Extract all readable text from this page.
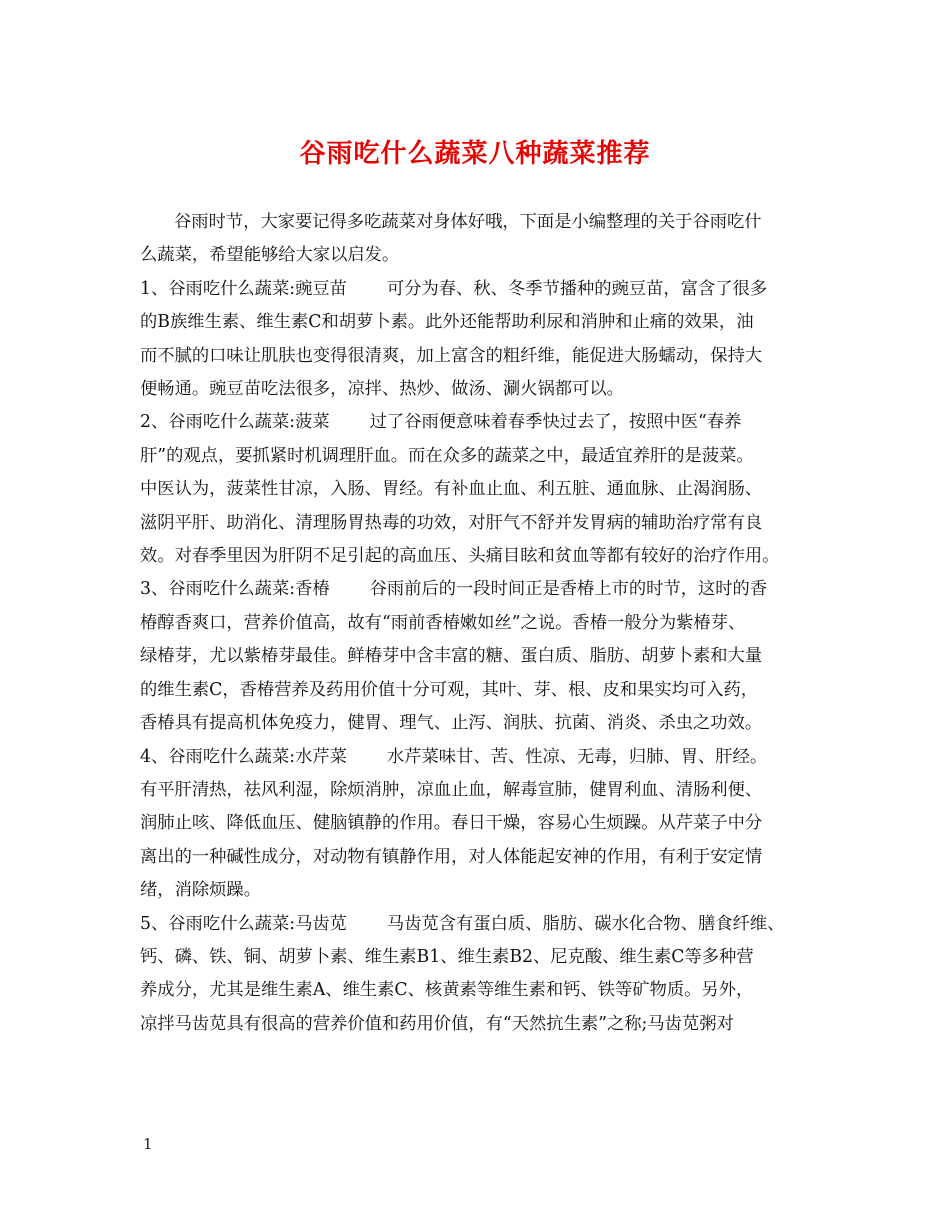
谷雨吃什么蔬菜八种蔬菜推荐
谷雨时节，大家要记得多吃蔬菜对身体好哦，下面是小编整理的关于谷雨吃什
么蔬菜，希望能够给大家以启发。
1、谷雨吃什么蔬菜:豌豆苗 可分为春、秋、冬季节播种的豌豆苗，富含了很多
的B族维生素、维生素C和胡萝卜素。此外还能帮助利尿和消肿和止痛的效果，油
而不腻的口味让肌肤也变得很清爽，加上富含的粗纤维，能促进大肠蠕动，保持大
便畅通。豌豆苗吃法很多，凉拌、热炒、做汤、涮火锅都可以。
2、谷雨吃什么蔬菜:菠菜 过了谷雨便意味着春季快过去了，按照中医“春养
肝”的观点，要抓紧时机调理肝血。而在众多的蔬菜之中，最适宜养肝的是菠菜。
中医认为，菠菜性甘凉，入肠、胃经。有补血止血、利五脏、通血脉、止渴润肠、
滋阴平肝、助消化、清理肠胃热毒的功效，对肝气不舒并发胃病的辅助治疗常有良
效。对春季里因为肝阴不足引起的高血压、头痛目眩和贫血等都有较好的治疗作用。
3、谷雨吃什么蔬菜:香椿 谷雨前后的一段时间正是香椿上市的时节，这时的香
椿醇香爽口，营养价值高，故有“雨前香椿嫩如丝”之说。香椿一般分为紫椿芽、
绿椿芽，尤以紫椿芽最佳。鲜椿芽中含丰富的糖、蛋白质、脂肪、胡萝卜素和大量
的维生素C，香椿营养及药用价值十分可观，其叶、芽、根、皮和果实均可入药，
香椿具有提高机体免疫力，健胃、理气、止泻、润肤、抗菌、消炎、杀虫之功效。
4、谷雨吃什么蔬菜:水芹菜 水芹菜味甘、苦、性凉、无毒，归肺、胃、肝经。
有平肝清热，祛风利湿，除烦消肿，凉血止血，解毒宣肺，健胃利血、清肠利便、
润肺止咳、降低血压、健脑镇静的作用。春日干燥，容易心生烦躁。从芹菜子中分
离出的一种碱性成分，对动物有镇静作用，对人体能起安神的作用，有利于安定情
绪，消除烦躁。
5、谷雨吃什么蔬菜:马齿苋 马齿苋含有蛋白质、脂肪、碳水化合物、膳食纤维、
钙、磷、铁、铜、胡萝卜素、维生素B1、维生素B2、尼克酸、维生素C等多种营
养成分，尤其是维生素A、维生素C、核黄素等维生素和钙、铁等矿物质。另外，
凉拌马齿苋具有很高的营养价值和药用价值，有“天然抗生素”之称;马齿苋粥对
1
